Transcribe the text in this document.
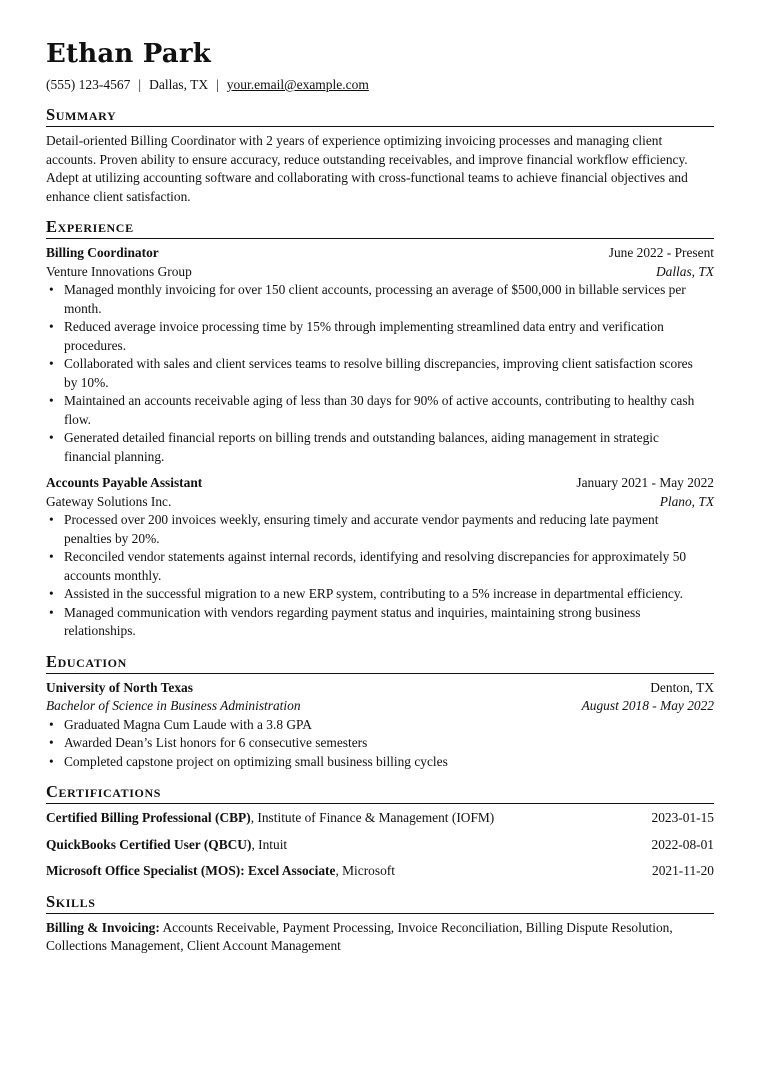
Ethan Park
(555) 123-4567 | Dallas, TX | your.email@example.com
Summary

Detail-oriented Billing Coordinator with 2 years of experience optimizing invoicing processes and managing client accounts. Proven ability to ensure accuracy, reduce outstanding receivables, and improve financial workflow efficiency. Adept at utilizing accounting software and collaborating with cross-functional teams to achieve financial objectives and enhance client satisfaction.

Experience
Billing Coordinator	June 2022 - Present
Venture Innovations Group	Dallas, TX
• Managed monthly invoicing for over 150 client accounts, processing an average of $500,000 in billable services per month.
• Reduced average invoice processing time by 15% through implementing streamlined data entry and verification procedures.
• Collaborated with sales and client services teams to resolve billing discrepancies, improving client satisfaction scores by 10%.
• Maintained an accounts receivable aging of less than 30 days for 90% of active accounts, contributing to healthy cash flow.
• Generated detailed financial reports on billing trends and outstanding balances, aiding management in strategic financial planning.
Accounts Payable Assistant	January 2021 - May 2022
Gateway Solutions Inc.	Plano, TX
• Processed over 200 invoices weekly, ensuring timely and accurate vendor payments and reducing late payment penalties by 20%.
• Reconciled vendor statements against internal records, identifying and resolving discrepancies for approximately 50 accounts monthly.
• Assisted in the successful migration to a new ERP system, contributing to a 5% increase in departmental efficiency.
• Managed communication with vendors regarding payment status and inquiries, maintaining strong business relationships.
Education
University of North Texas	Denton, TX
Bachelor of Science in Business Administration	August 2018 - May 2022
• Graduated Magna Cum Laude with a 3.8 GPA
• Awarded Dean’s List honors for 6 consecutive semesters
• Completed capstone project on optimizing small business billing cycles
Certifications
Certified Billing Professional (CBP), Institute of Finance & Management (IOFM)	2023-01-15
QuickBooks Certified User (QBCU), Intuit	2022-08-01
Microsoft Office Specialist (MOS): Excel Associate, Microsoft	2021-11-20
Skills

Billing & Invoicing: Accounts Receivable, Payment Processing, Invoice Reconciliation, Billing Dispute Resolution, Collections Management, Client Account Management
